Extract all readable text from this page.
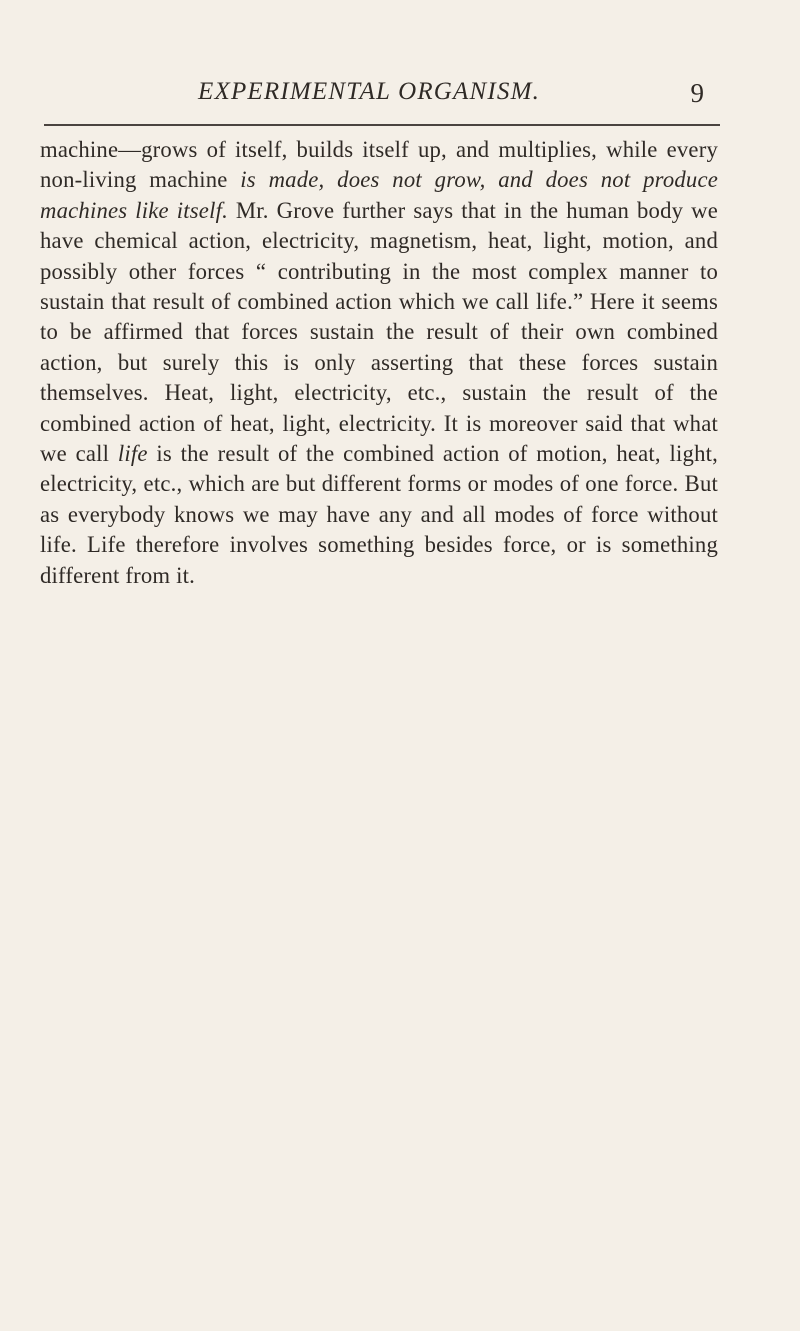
EXPERIMENTAL ORGANISM.	9

machine—grows of itself, builds itself up, and multiplies, while every non-living machine is made, does not grow, and does not produce machines like itself. Mr. Grove further says that in the human body we have chemical action, electricity, magnetism, heat, light, motion, and possibly other forces “ contributing in the most complex manner to sustain that result of combined action which we call life.” Here it seems to be affirmed that forces sustain the result of their own combined action, but surely this is only asserting that these forces sustain themselves. Heat, light, electricity, etc., sustain the result of the combined action of heat, light, electricity. It is moreover said that what we call life is the result of the combined action of motion, heat, light, electricity, etc., which are but different forms or modes of one force. But as everybody knows we may have any and all modes of force without life. Life therefore involves something besides force, or is something different from it.
